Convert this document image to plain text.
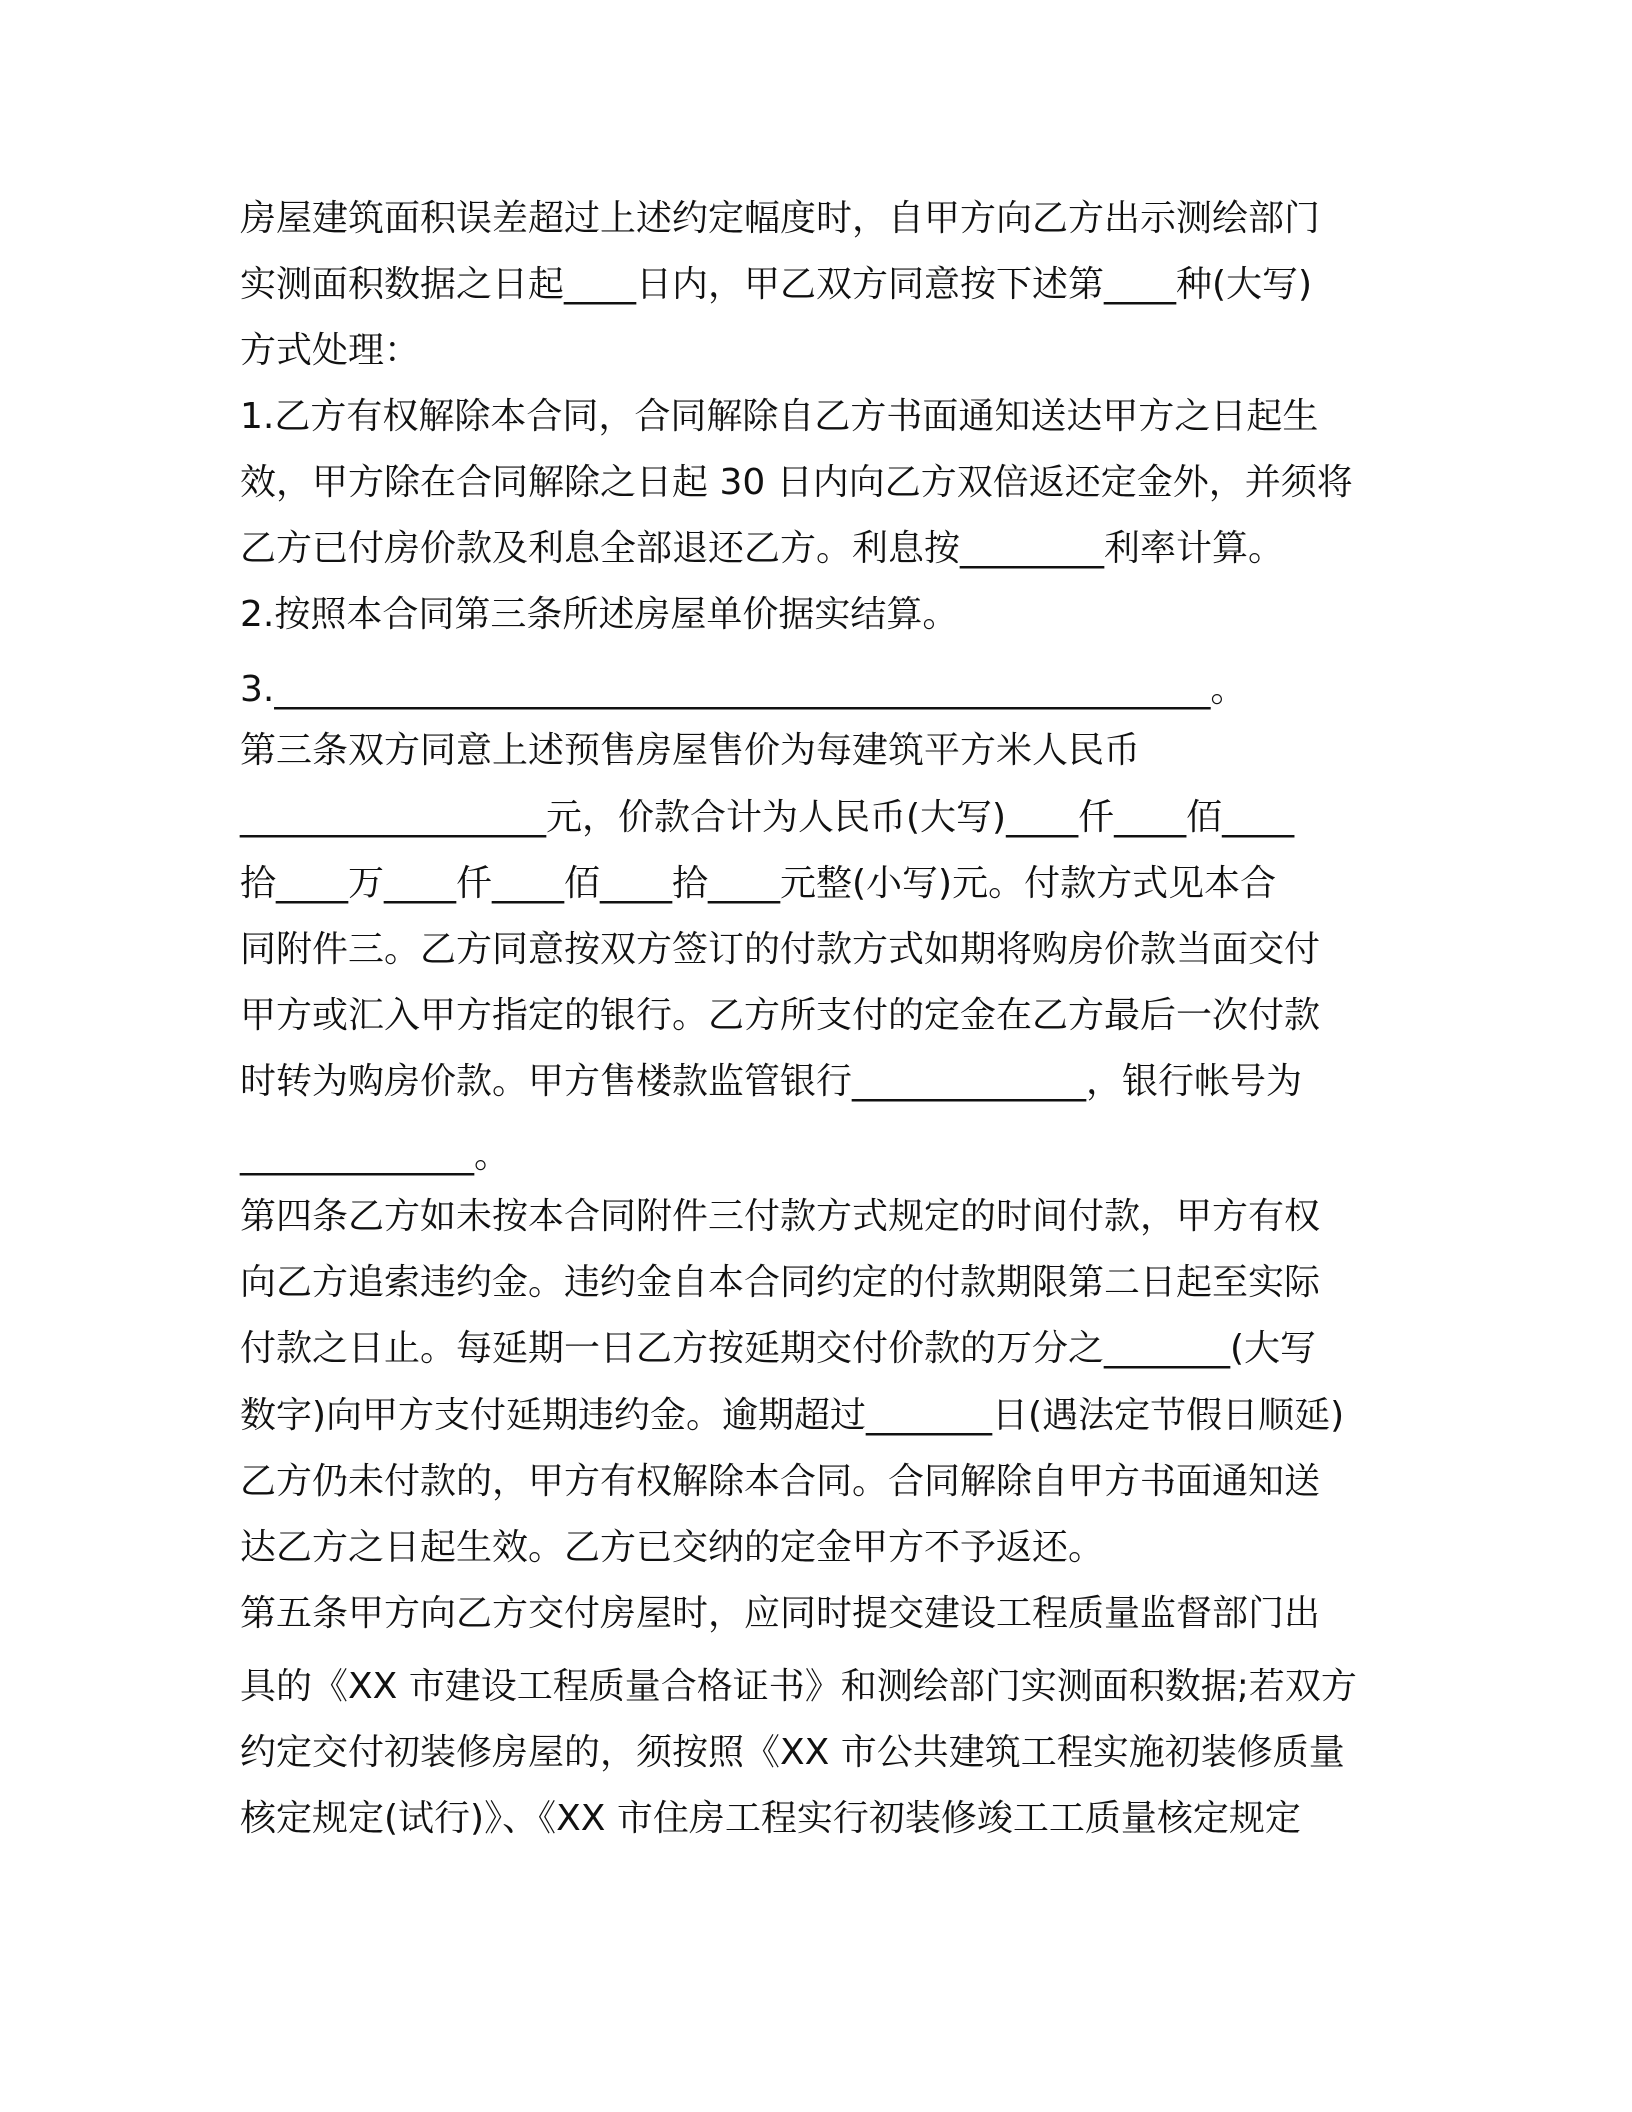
房屋建筑面积误差超过上述约定幅度时，自甲方向乙方出示测绘部门
实测面积数据之日起____日内，甲乙双方同意按下述第____种(大写)
方式处理：
1.乙方有权解除本合同，合同解除自乙方书面通知送达甲方之日起生
效，甲方除在合同解除之日起 30 日内向乙方双倍返还定金外，并须将
乙方已付房价款及利息全部退还乙方。利息按________利率计算。
2.按照本合同第三条所述房屋单价据实结算。
3.____________________________________________________。
第三条双方同意上述预售房屋售价为每建筑平方米人民币
_________________元，价款合计为人民币(大写)____仟____佰____
拾____万____仟____佰____拾____元整(小写)元。付款方式见本合
同附件三。乙方同意按双方签订的付款方式如期将购房价款当面交付
甲方或汇入甲方指定的银行。乙方所支付的定金在乙方最后一次付款
时转为购房价款。甲方售楼款监管银行_____________，银行帐号为
_____________。
第四条乙方如未按本合同附件三付款方式规定的时间付款，甲方有权
向乙方追索违约金。违约金自本合同约定的付款期限第二日起至实际
付款之日止。每延期一日乙方按延期交付价款的万分之_______(大写
数字)向甲方支付延期违约金。逾期超过_______日(遇法定节假日顺延)
乙方仍未付款的，甲方有权解除本合同。合同解除自甲方书面通知送
达乙方之日起生效。乙方已交纳的定金甲方不予返还。
第五条甲方向乙方交付房屋时，应同时提交建设工程质量监督部门出
具的《XX 市建设工程质量合格证书》和测绘部门实测面积数据;若双方
约定交付初装修房屋的，须按照《XX 市公共建筑工程实施初装修质量
核定规定(试行)》、《XX 市住房工程实行初装修竣工工质量核定规定
